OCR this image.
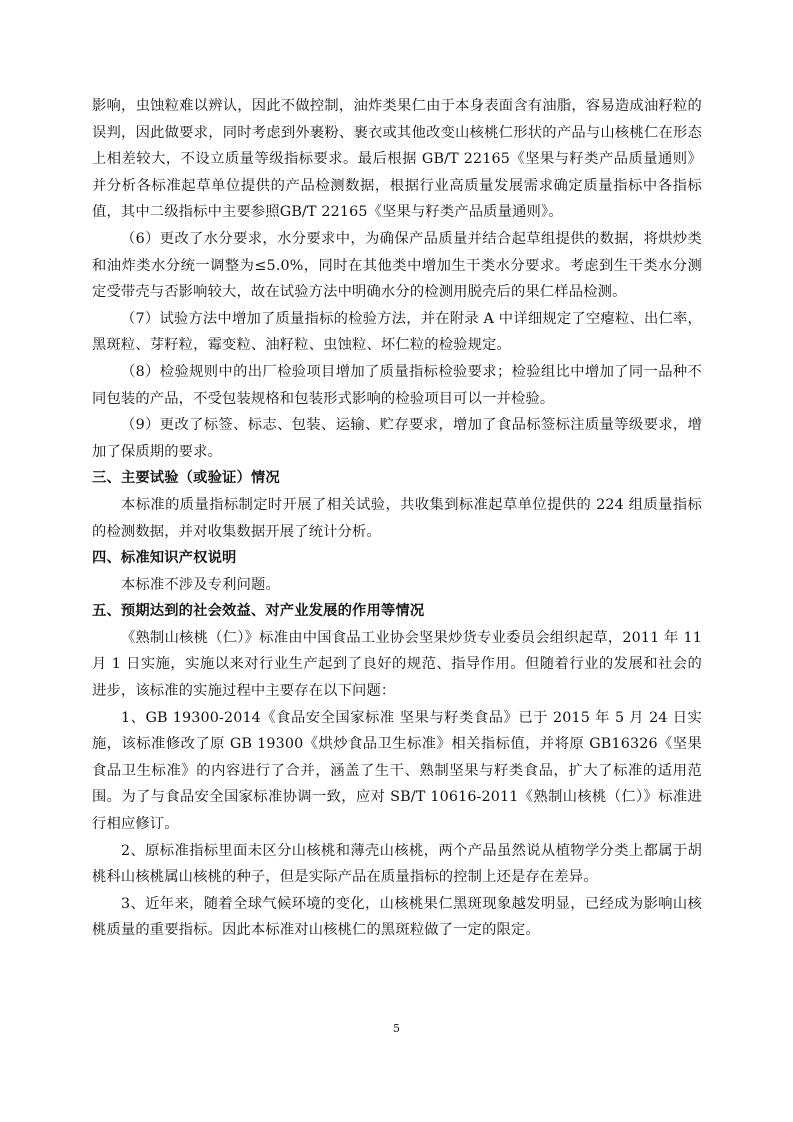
影响，虫蚀粒难以辨认，因此不做控制，油炸类果仁由于本身表面含有油脂，容易造成油籽粒的误判，因此做要求，同时考虑到外裹粉、裹衣或其他改变山核桃仁形状的产品与山核桃仁在形态上相差较大，不设立质量等级指标要求。最后根据 GB/T 22165《坚果与籽类产品质量通则》并分析各标准起草单位提供的产品检测数据，根据行业高质量发展需求确定质量指标中各指标值，其中二级指标中主要参照GB/T 22165《坚果与籽类产品质量通则》。

（6）更改了水分要求，水分要求中，为确保产品质量并结合起草组提供的数据，将烘炒类和油炸类水分统一调整为≤5.0%，同时在其他类中增加生干类水分要求。考虑到生干类水分测定受带壳与否影响较大，故在试验方法中明确水分的检测用脱壳后的果仁样品检测。

（7）试验方法中增加了质量指标的检验方法，并在附录 A 中详细规定了空瘪粒、出仁率，黑斑粒、芽籽粒，霉变粒、油籽粒、虫蚀粒、坏仁粒的检验规定。

（8）检验规则中的出厂检验项目增加了质量指标检验要求；检验组比中增加了同一品种不同包装的产品，不受包装规格和包装形式影响的检验项目可以一并检验。

（9）更改了标签、标志、包装、运输、贮存要求，增加了食品标签标注质量等级要求，增加了保质期的要求。

三、主要试验（或验证）情况

本标准的质量指标制定时开展了相关试验，共收集到标准起草单位提供的 224 组质量指标的检测数据，并对收集数据开展了统计分析。

四、标准知识产权说明

本标准不涉及专利问题。

五、预期达到的社会效益、对产业发展的作用等情况

《熟制山核桃（仁）》标准由中国食品工业协会坚果炒货专业委员会组织起草，2011 年 11 月 1 日实施，实施以来对行业生产起到了良好的规范、指导作用。但随着行业的发展和社会的进步，该标准的实施过程中主要存在以下问题：

1、GB 19300-2014《食品安全国家标准 坚果与籽类食品》已于 2015 年 5 月 24 日实施，该标准修改了原 GB 19300《烘炒食品卫生标准》相关指标值，并将原 GB16326《坚果食品卫生标准》的内容进行了合并，涵盖了生干、熟制坚果与籽类食品，扩大了标准的适用范围。为了与食品安全国家标准协调一致，应对 SB/T 10616-2011《熟制山核桃（仁）》标准进行相应修订。

2、原标准指标里面未区分山核桃和薄壳山核桃，两个产品虽然说从植物学分类上都属于胡桃科山核桃属山核桃的种子，但是实际产品在质量指标的控制上还是存在差异。

3、近年来，随着全球气候环境的变化，山核桃果仁黑斑现象越发明显，已经成为影响山核桃质量的重要指标。因此本标准对山核桃仁的黑斑粒做了一定的限定。

5
